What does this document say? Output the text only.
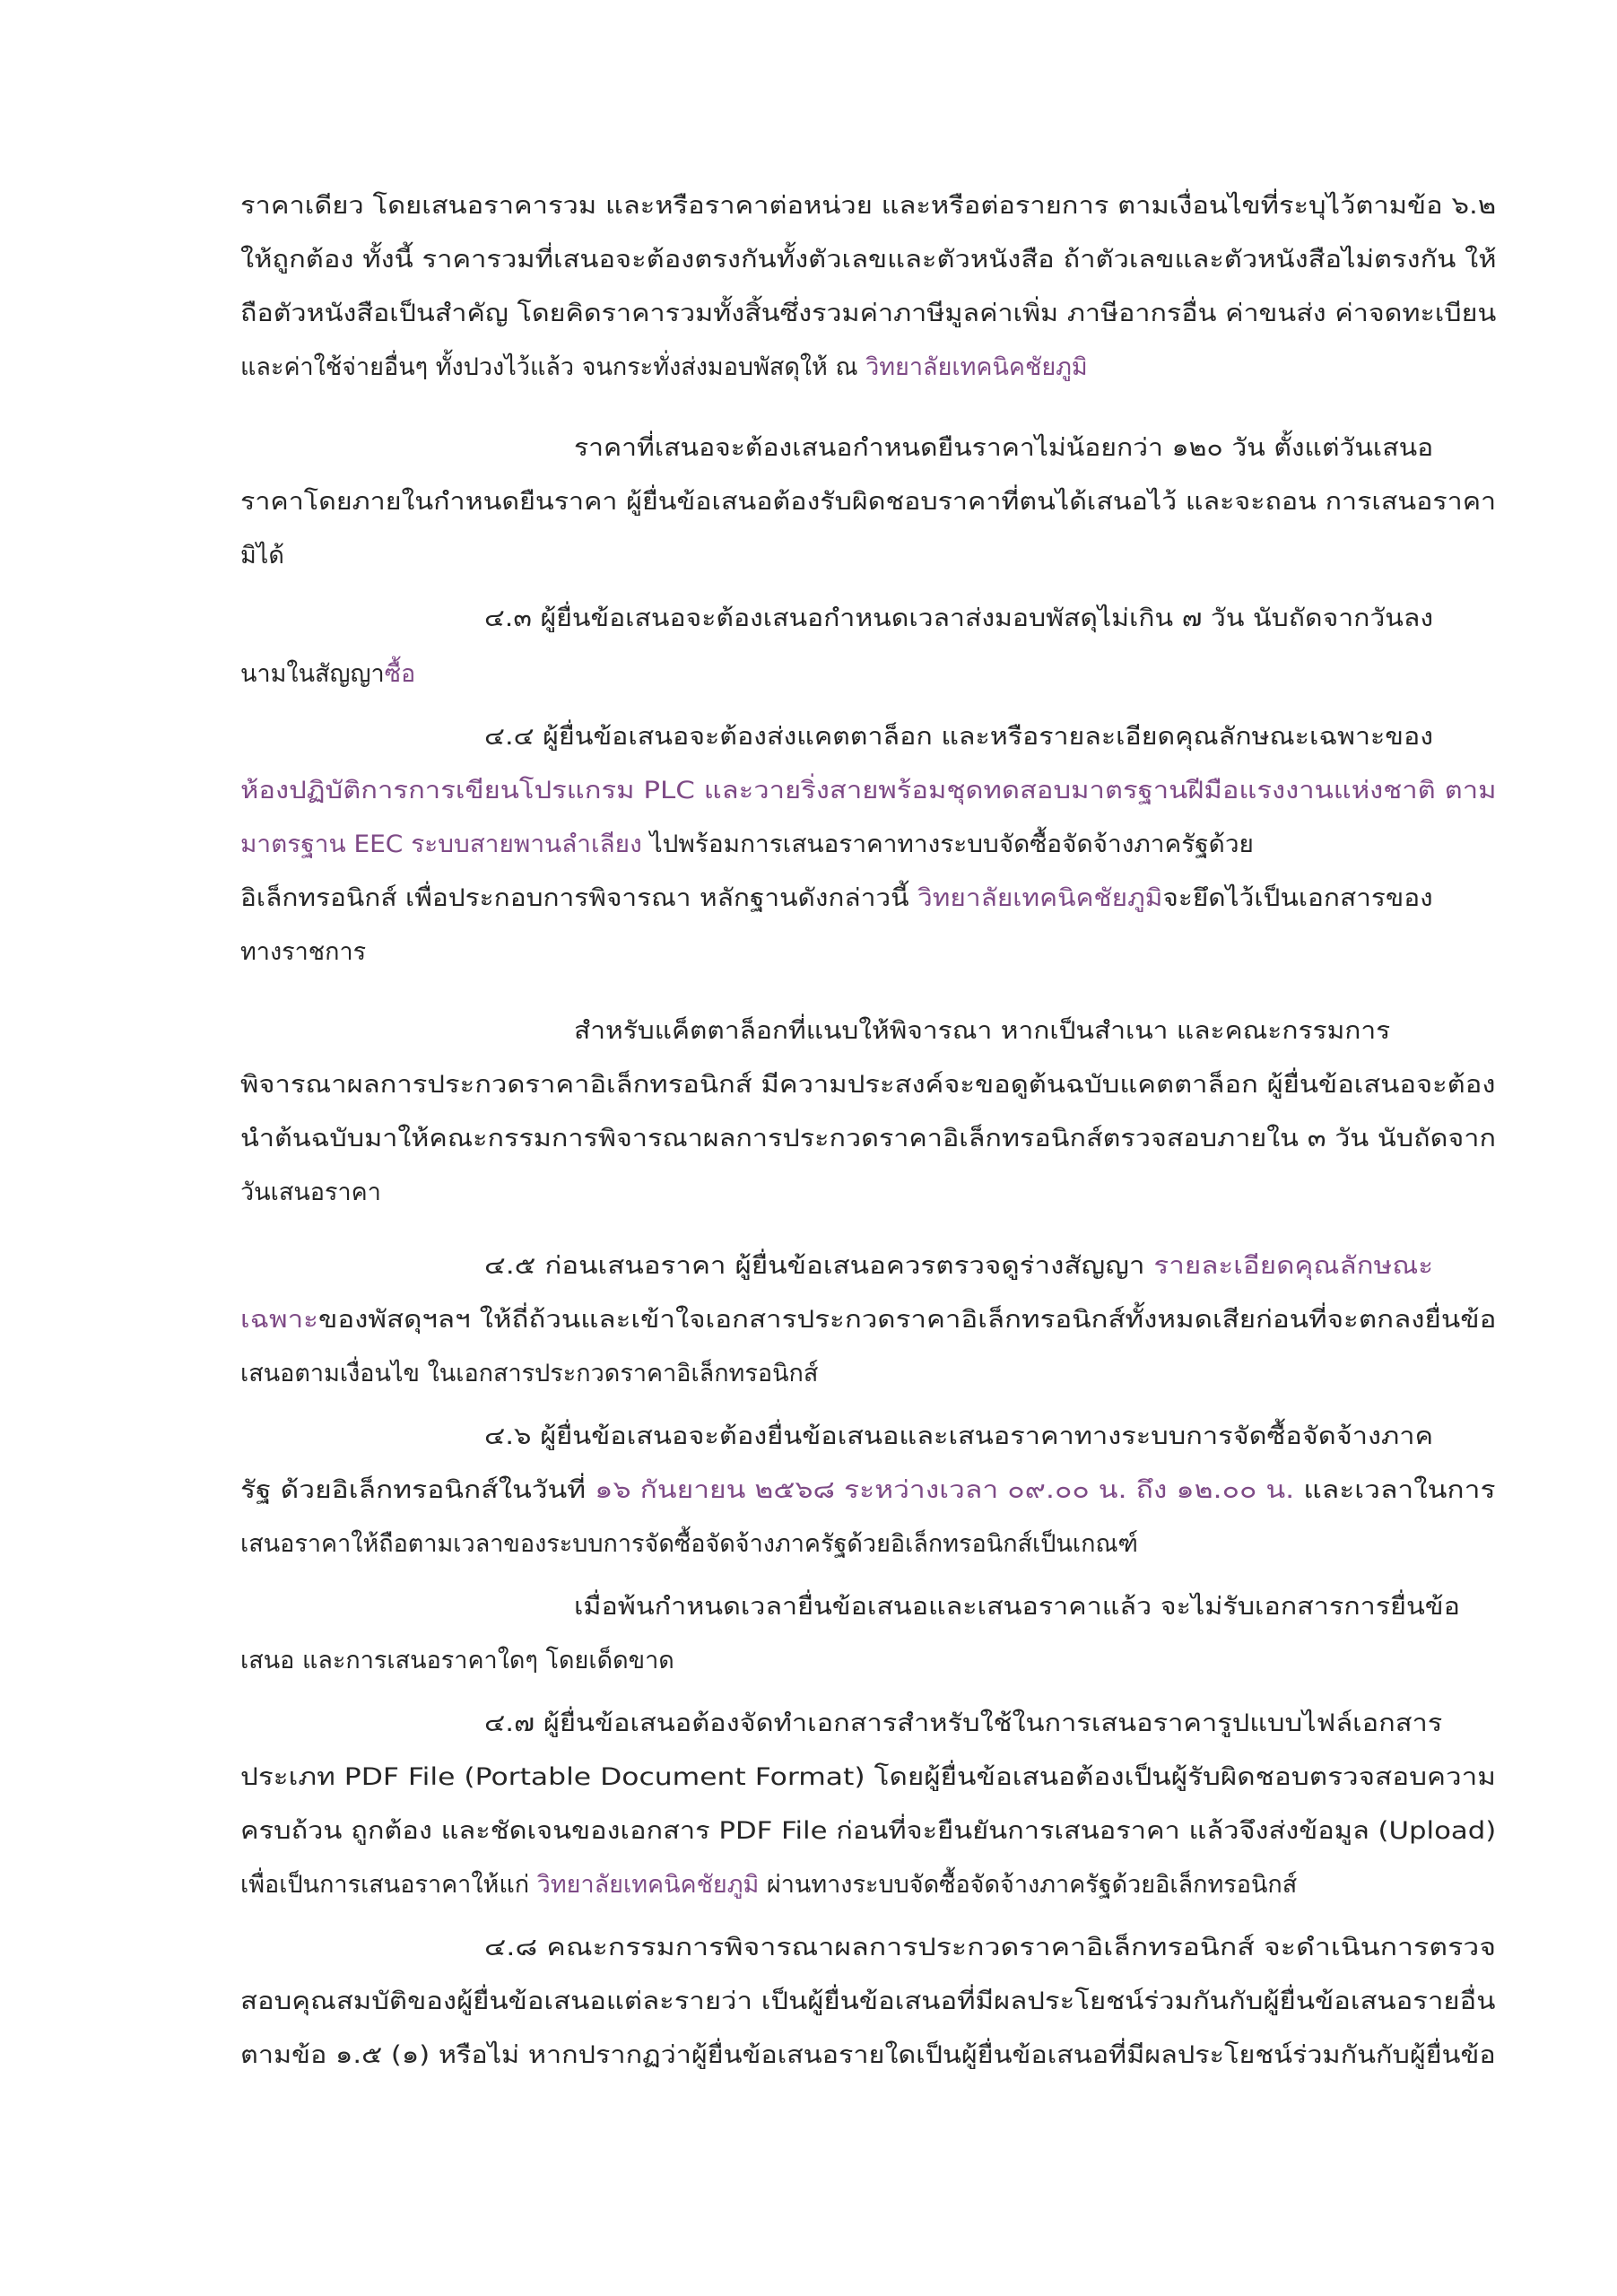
ราคาเดียว โดยเสนอราคารวม และหรือราคาต่อหน่วย และหรือต่อรายการ ตามเงื่อนไขที่ระบุไว้ตามข้อ ๖.๒
ให้ถูกต้อง ทั้งนี้ ราคารวมที่เสนอจะต้องตรงกันทั้งตัวเลขและตัวหนังสือ ถ้าตัวเลขและตัวหนังสือไม่ตรงกัน ให้
ถือตัวหนังสือเป็นสำคัญ โดยคิดราคารวมทั้งสิ้นซึ่งรวมค่าภาษีมูลค่าเพิ่ม ภาษีอากรอื่น ค่าขนส่ง ค่าจดทะเบียน
และค่าใช้จ่ายอื่นๆ ทั้งปวงไว้แล้ว จนกระทั่งส่งมอบพัสดุให้ ณ วิทยาลัยเทคนิคชัยภูมิ
ราคาที่เสนอจะต้องเสนอกำหนดยืนราคาไม่น้อยกว่า ๑๒๐ วัน ตั้งแต่วันเสนอ
ราคาโดยภายในกำหนดยืนราคา ผู้ยื่นข้อเสนอต้องรับผิดชอบราคาที่ตนได้เสนอไว้ และจะถอน การเสนอราคา
มิได้
๔.๓ ผู้ยื่นข้อเสนอจะต้องเสนอกำหนดเวลาส่งมอบพัสดุไม่เกิน ๗ วัน นับถัดจากวันลง
นามในสัญญาซื้อ
๔.๔ ผู้ยื่นข้อเสนอจะต้องส่งแคตตาล็อก และหรือรายละเอียดคุณลักษณะเฉพาะของ
ห้องปฏิบัติการการเขียนโปรแกรม PLC และวายริ่งสายพร้อมชุดทดสอบมาตรฐานฝีมือแรงงานแห่งชาติ ตาม
มาตรฐาน EEC ระบบสายพานลำเลียง ไปพร้อมการเสนอราคาทางระบบจัดซื้อจัดจ้างภาครัฐด้วย
อิเล็กทรอนิกส์ เพื่อประกอบการพิจารณา หลักฐานดังกล่าวนี้ วิทยาลัยเทคนิคชัยภูมิจะยึดไว้เป็นเอกสารของ
ทางราชการ
สำหรับแค็ตตาล็อกที่แนบให้พิจารณา หากเป็นสำเนา และคณะกรรมการ
พิจารณาผลการประกวดราคาอิเล็กทรอนิกส์ มีความประสงค์จะขอดูต้นฉบับแคตตาล็อก ผู้ยื่นข้อเสนอจะต้อง
นำต้นฉบับมาให้คณะกรรมการพิจารณาผลการประกวดราคาอิเล็กทรอนิกส์ตรวจสอบภายใน ๓ วัน นับถัดจาก
วันเสนอราคา
๔.๕ ก่อนเสนอราคา ผู้ยื่นข้อเสนอควรตรวจดูร่างสัญญา รายละเอียดคุณลักษณะ
เฉพาะของพัสดุฯลฯ ให้ถี่ถ้วนและเข้าใจเอกสารประกวดราคาอิเล็กทรอนิกส์ทั้งหมดเสียก่อนที่จะตกลงยื่นข้อ
เสนอตามเงื่อนไข ในเอกสารประกวดราคาอิเล็กทรอนิกส์
๔.๖ ผู้ยื่นข้อเสนอจะต้องยื่นข้อเสนอและเสนอราคาทางระบบการจัดซื้อจัดจ้างภาค
รัฐ ด้วยอิเล็กทรอนิกส์ในวันที่ ๑๖ กันยายน ๒๕๖๘ ระหว่างเวลา ๐๙.๐๐ น. ถึง ๑๒.๐๐ น. และเวลาในการ
เสนอราคาให้ถือตามเวลาของระบบการจัดซื้อจัดจ้างภาครัฐด้วยอิเล็กทรอนิกส์เป็นเกณฑ์
เมื่อพ้นกำหนดเวลายื่นข้อเสนอและเสนอราคาแล้ว จะไม่รับเอกสารการยื่นข้อ
เสนอ และการเสนอราคาใดๆ โดยเด็ดขาด
๔.๗ ผู้ยื่นข้อเสนอต้องจัดทำเอกสารสำหรับใช้ในการเสนอราคารูปแบบไฟล์เอกสาร
ประเภท PDF File (Portable Document Format) โดยผู้ยื่นข้อเสนอต้องเป็นผู้รับผิดชอบตรวจสอบความ
ครบถ้วน ถูกต้อง และชัดเจนของเอกสาร PDF File ก่อนที่จะยืนยันการเสนอราคา แล้วจึงส่งข้อมูล (Upload)
เพื่อเป็นการเสนอราคาให้แก่ วิทยาลัยเทคนิคชัยภูมิ ผ่านทางระบบจัดซื้อจัดจ้างภาครัฐด้วยอิเล็กทรอนิกส์
๔.๘ คณะกรรมการพิจารณาผลการประกวดราคาอิเล็กทรอนิกส์ จะดำเนินการตรวจ
สอบคุณสมบัติของผู้ยื่นข้อเสนอแต่ละรายว่า เป็นผู้ยื่นข้อเสนอที่มีผลประโยชน์ร่วมกันกับผู้ยื่นข้อเสนอรายอื่น
ตามข้อ ๑.๕ (๑) หรือไม่ หากปรากฏว่าผู้ยื่นข้อเสนอรายใดเป็นผู้ยื่นข้อเสนอที่มีผลประโยชน์ร่วมกันกับผู้ยื่นข้อ
